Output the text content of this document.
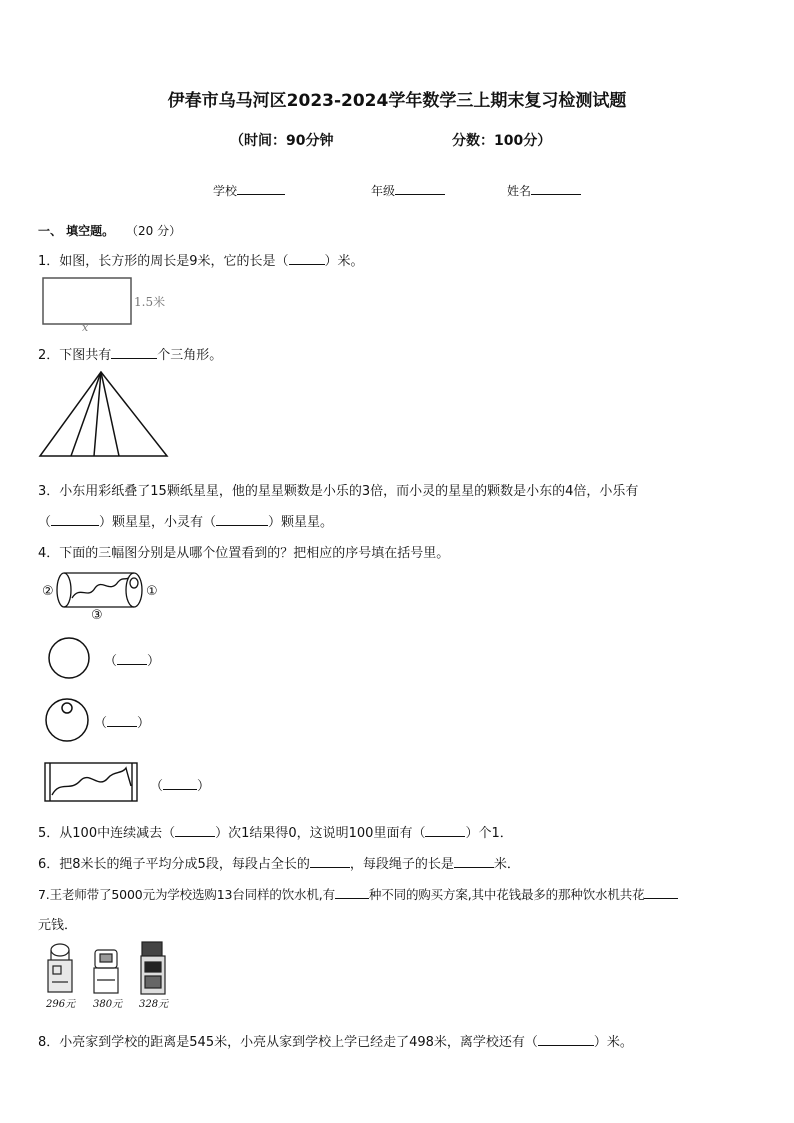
伊春市乌马河区2023-2024学年数学三上期末复习检测试题
（时间：90分钟	分数：100分）
学校	年级	姓名
一、 填空题。 （20 分）
1．如图，长方形的周长是9米，它的长是（	）米。
1.5米
x
2．下图共有	个三角形。
3．小东用彩纸叠了15颗纸星星，他的星星颗数是小乐的3倍，而小灵的星星的颗数是小东的4倍，小乐有
（	）颗星星，小灵有（	）颗星星。
4．下面的三幅图分别是从哪个位置看到的？把相应的序号填在括号里。
②	①
③
（ ）
（ ）
（	）
5．从100中连续减去（	）次1结果得0，这说明100里面有（	）个1．
6．把8米长的绳子平均分成5段，每段占全长的	，每段绳子的长是	米．
7.王老师带了5000元为学校选购13台同样的饮水机,有	种不同的购买方案,其中花钱最多的那种饮水机共花
元钱．
296元 380元 328元
8．小亮家到学校的距离是545米，小亮从家到学校上学已经走了498米，离学校还有（	）米。
